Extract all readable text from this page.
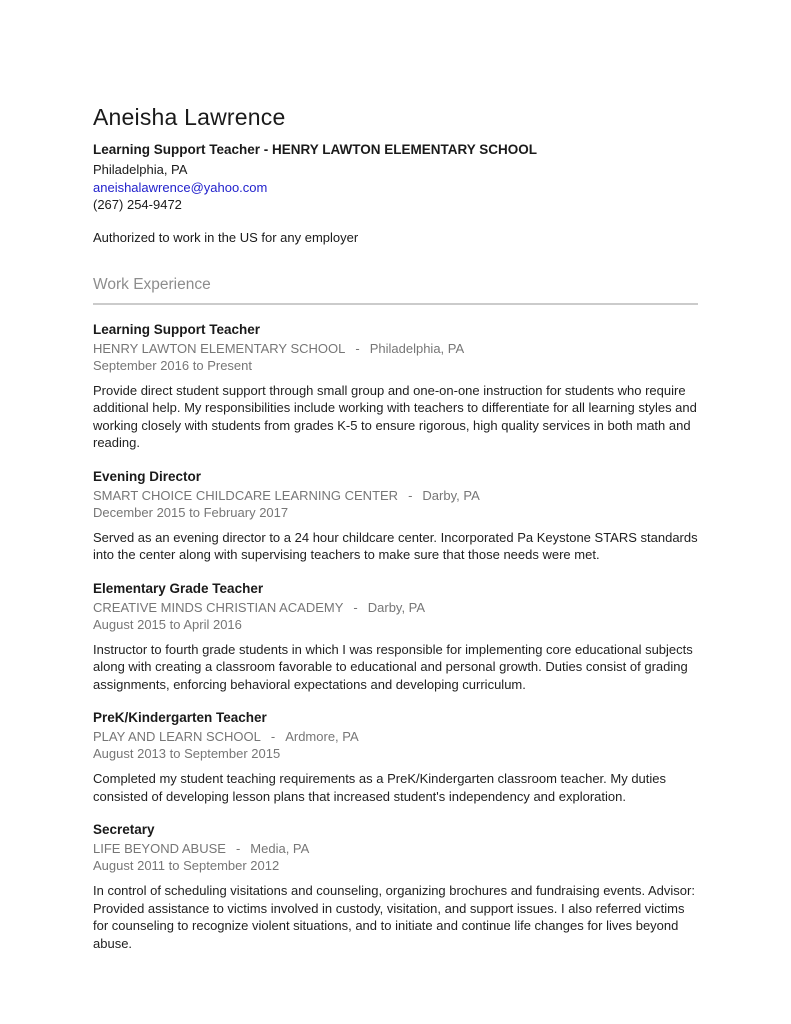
Aneisha Lawrence
Learning Support Teacher - HENRY LAWTON ELEMENTARY SCHOOL
Philadelphia, PA
aneishalawrence@yahoo.com
(267) 254-9472
Authorized to work in the US for any employer
Work Experience
Learning Support Teacher
HENRY LAWTON ELEMENTARY SCHOOL - Philadelphia, PA
September 2016 to Present

Provide direct student support through small group and one-on-one instruction for students who require additional help. My responsibilities include working with teachers to differentiate for all learning styles and working closely with students from grades K-5 to ensure rigorous, high quality services in both math and reading.

Evening Director
SMART CHOICE CHILDCARE LEARNING CENTER - Darby, PA
December 2015 to February 2017

Served as an evening director to a 24 hour childcare center. Incorporated Pa Keystone STARS standards into the center along with supervising teachers to make sure that those needs were met.

Elementary Grade Teacher
CREATIVE MINDS CHRISTIAN ACADEMY - Darby, PA
August 2015 to April 2016

Instructor to fourth grade students in which I was responsible for implementing core educational subjects along with creating a classroom favorable to educational and personal growth. Duties consist of grading assignments, enforcing behavioral expectations and developing curriculum.

PreK/Kindergarten Teacher
PLAY AND LEARN SCHOOL - Ardmore, PA
August 2013 to September 2015

Completed my student teaching requirements as a PreK/Kindergarten classroom teacher. My duties consisted of developing lesson plans that increased student's independency and exploration.

Secretary
LIFE BEYOND ABUSE - Media, PA
August 2011 to September 2012

In control of scheduling visitations and counseling, organizing brochures and fundraising events. Advisor: Provided assistance to victims involved in custody, visitation, and support issues. I also referred victims for counseling to recognize violent situations, and to initiate and continue life changes for lives beyond abuse.
